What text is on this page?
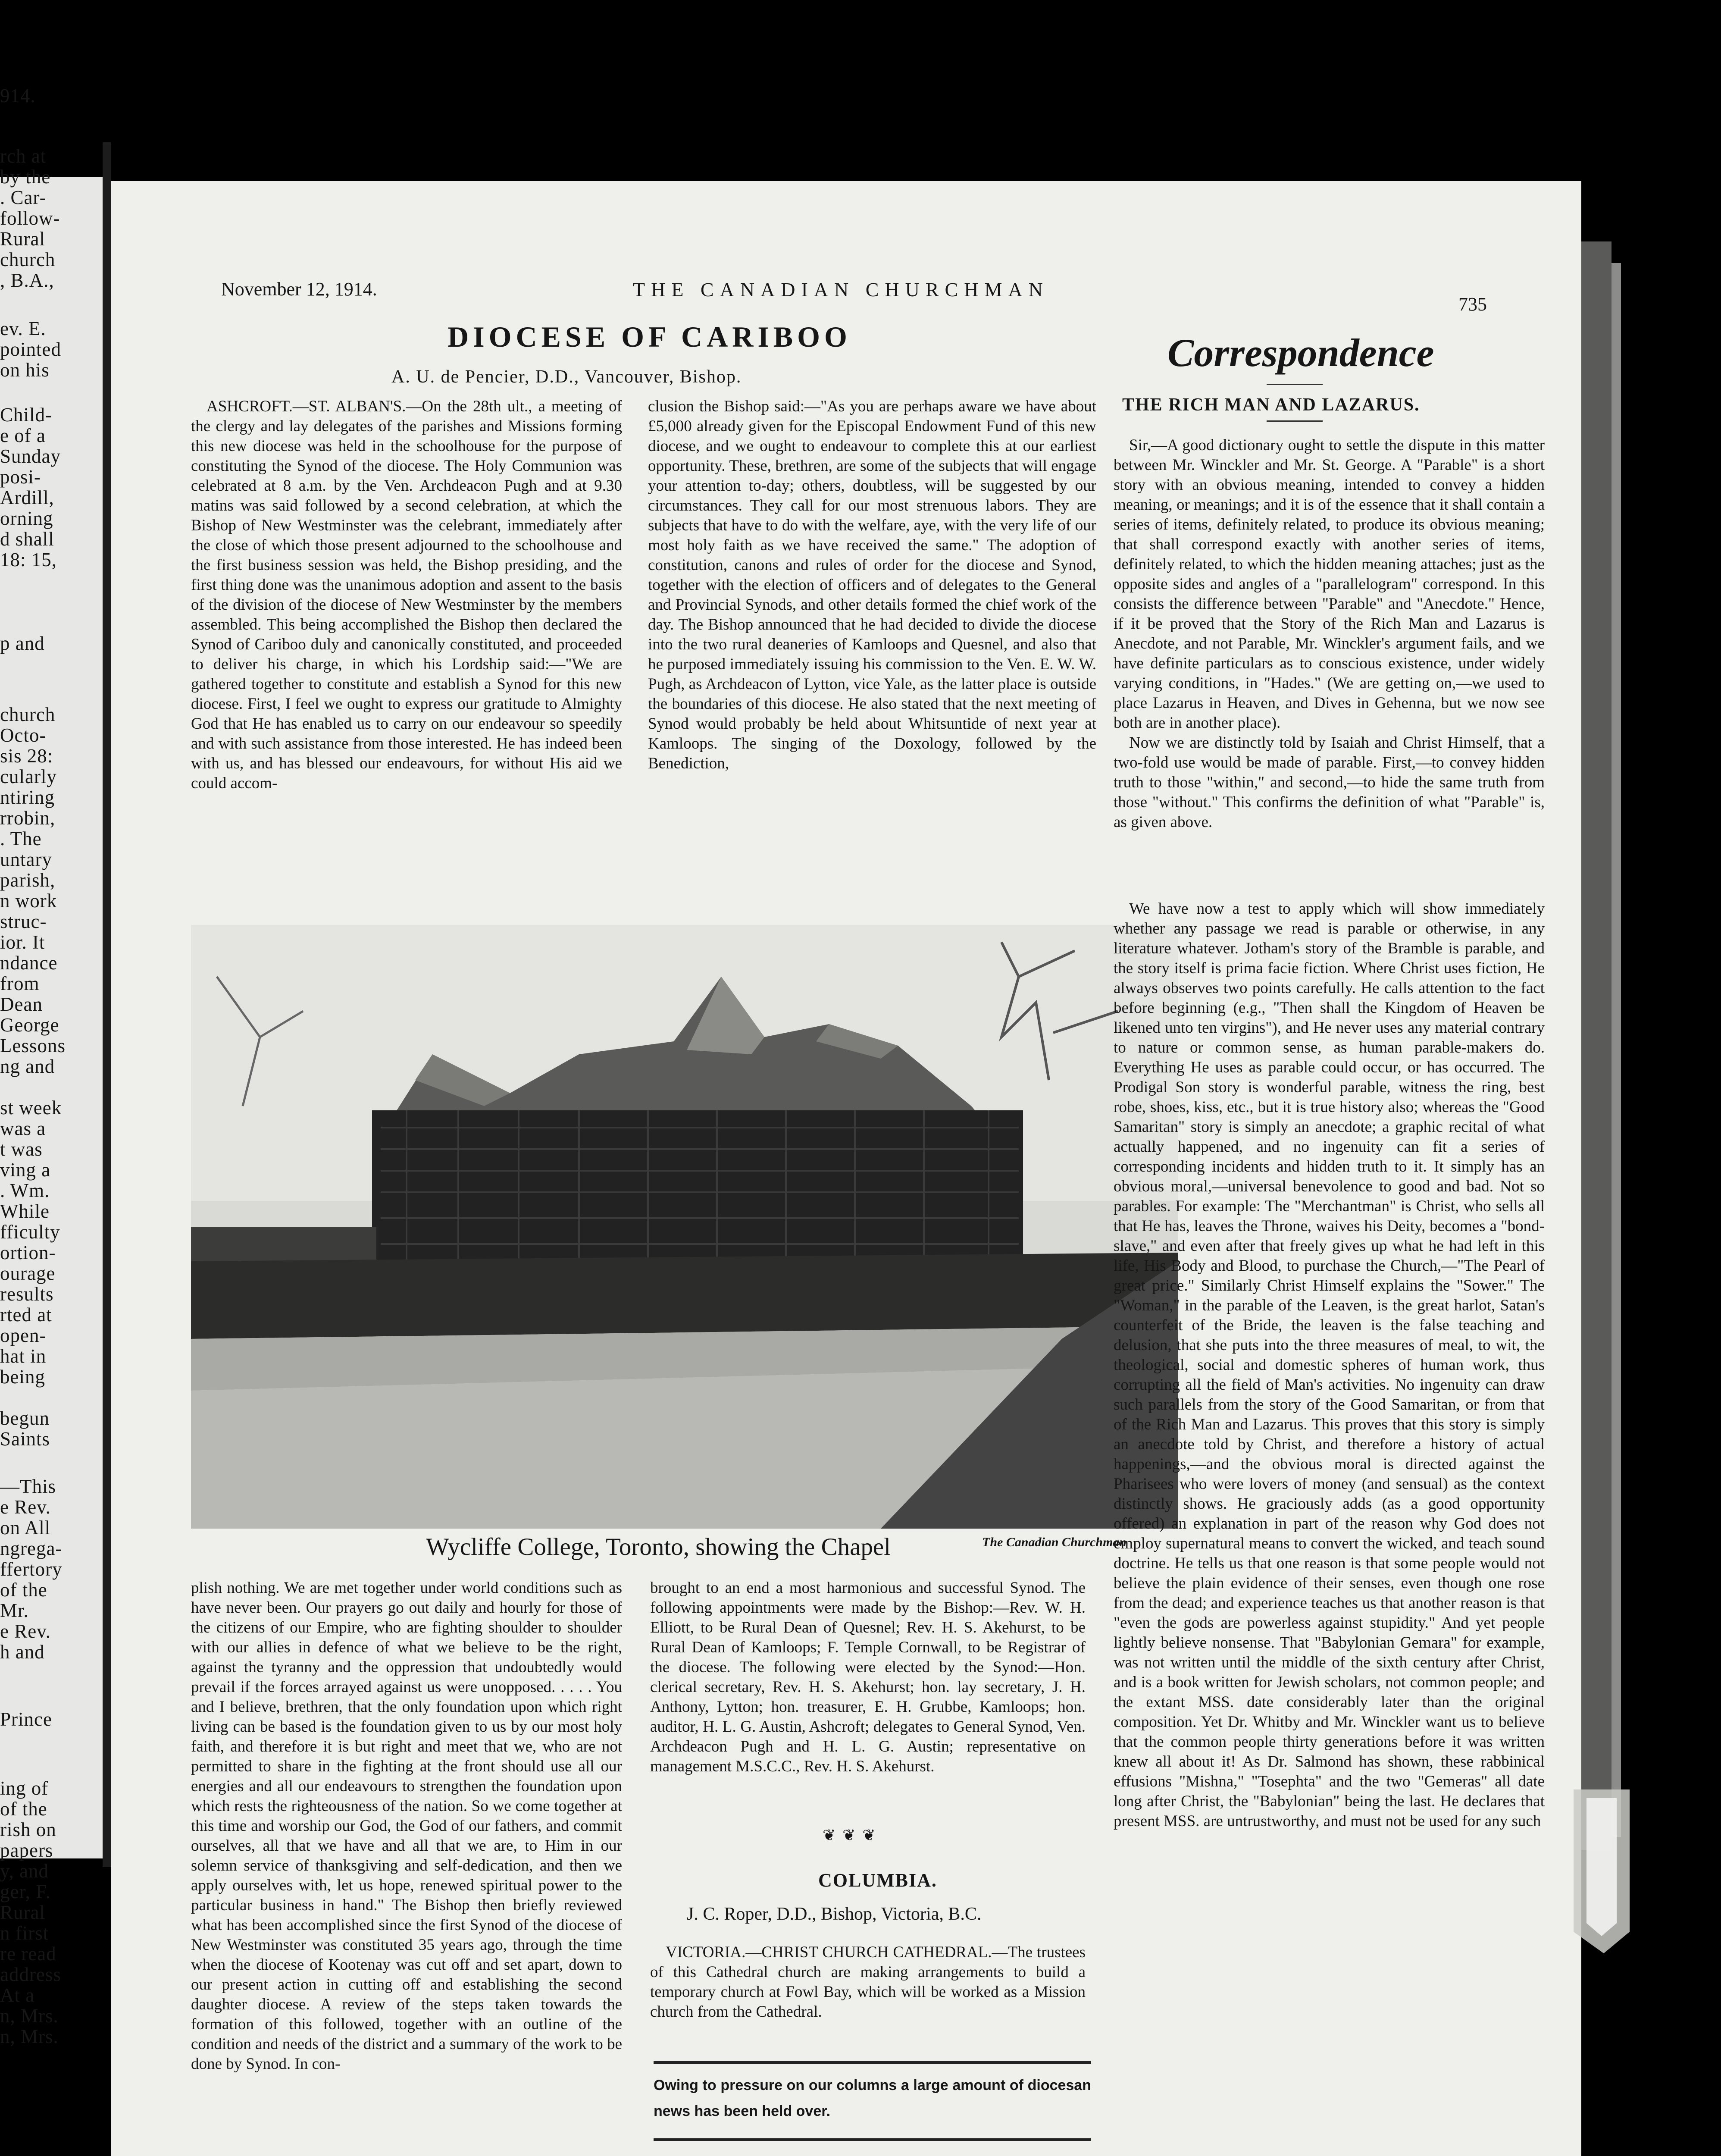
914.
rch at
by the
. Car-
follow-
Rural
church
, B.A.,
ev. E.
pointed
on his
Child-
e of a
Sunday
posi-
Ardill,
orning
d shall
18: 15,
p and
church
Octo-
sis 28:
cularly
ntiring
rrobin,
. The
untary
parish,
n work
struc-
ior. It
ndance
from
Dean
George
Lessons
ng and
st week
was a
t was
ving a
. Wm.
While
fficulty
ortion-
ourage
results
rted at
open-
hat in
being
begun
Saints
—This
e Rev.
on All
ngrega-
ffertory
of the
Mr.
e Rev.
h and
Prince
ing of
of the
rish on
papers
y, and
ger, F.
Rural
n first
re read
address
At a
n, Mrs.
n, Mrs.
November 12, 1914.	THE CANADIAN CHURCHMAN
735
DIOCESE OF CARIBOO
A. U. de Pencier, D.D., Vancouver, Bishop.

ASHCROFT.—ST. ALBAN'S.—On the 28th ult., a meeting of the clergy and lay delegates of the parishes and Missions forming this new diocese was held in the schoolhouse for the purpose of constituting the Synod of the diocese. The Holy Communion was celebrated at 8 a.m. by the Ven. Archdeacon Pugh and at 9.30 matins was said followed by a second celebration, at which the Bishop of New Westminster was the celebrant, immediately after the close of which those present adjourned to the schoolhouse and the first business session was held, the Bishop presiding, and the first thing done was the unanimous adoption and assent to the basis of the division of the diocese of New Westminster by the members assembled. This being accomplished the Bishop then declared the Synod of Cariboo duly and canonically constituted, and proceeded to deliver his charge, in which his Lordship said:—"We are gathered together to constitute and establish a Synod for this new diocese. First, I feel we ought to express our gratitude to Almighty God that He has enabled us to carry on our endeavour so speedily and with such assistance from those interested. He has indeed been with us, and has blessed our endeavours, for without His aid we could accom-

clusion the Bishop said:—"As you are perhaps aware we have about £5,000 already given for the Episcopal Endowment Fund of this new diocese, and we ought to endeavour to complete this at our earliest opportunity. These, brethren, are some of the subjects that will engage your attention to-day; others, doubtless, will be suggested by our circumstances. They call for our most strenuous labors. They are subjects that have to do with the welfare, aye, with the very life of our most holy faith as we have received the same." The adoption of constitution, canons and rules of order for the diocese and Synod, together with the election of officers and of delegates to the General and Provincial Synods, and other details formed the chief work of the day. The Bishop announced that he had decided to divide the diocese into the two rural deaneries of Kamloops and Quesnel, and also that he purposed immediately issuing his commission to the Ven. E. W. W. Pugh, as Archdeacon of Lytton, vice Yale, as the latter place is outside the boundaries of this diocese. He also stated that the next meeting of Synod would probably be held about Whitsuntide of next year at Kamloops. The singing of the Doxology, followed by the Benediction,

Correspondence
THE RICH MAN AND LAZARUS.

Sir,—A good dictionary ought to settle the dispute in this matter between Mr. Winckler and Mr. St. George. A "Parable" is a short story with an obvious meaning, intended to convey a hidden meaning, or meanings; and it is of the essence that it shall contain a series of items, definitely related, to produce its obvious meaning; that shall correspond exactly with another series of items, definitely related, to which the hidden meaning attaches; just as the opposite sides and angles of a "parallelogram" correspond. In this consists the difference between "Parable" and "Anecdote." Hence, if it be proved that the Story of the Rich Man and Lazarus is Anecdote, and not Parable, Mr. Winckler's argument fails, and we have definite particulars as to conscious existence, under widely varying conditions, in "Hades." (We are getting on,—we used to place Lazarus in Heaven, and Dives in Gehenna, but we now see both are in another place).

Now we are distinctly told by Isaiah and Christ Himself, that a two-fold use would be made of parable. First,—to convey hidden truth to those "within," and second,—to hide the same truth from those "without." This confirms the definition of what "Parable" is, as given above.

Wycliffe College, Toronto, showing the Chapel	The Canadian Churchman

plish nothing. We are met together under world conditions such as have never been. Our prayers go out daily and hourly for those of the citizens of our Empire, who are fighting shoulder to shoulder with our allies in defence of what we believe to be the right, against the tyranny and the oppression that undoubtedly would prevail if the forces arrayed against us were unopposed. . . . . You and I believe, brethren, that the only foundation upon which right living can be based is the foundation given to us by our most holy faith, and therefore it is but right and meet that we, who are not permitted to share in the fighting at the front should use all our energies and all our endeavours to strengthen the foundation upon which rests the righteousness of the nation. So we come together at this time and worship our God, the God of our fathers, and commit ourselves, all that we have and all that we are, to Him in our solemn service of thanksgiving and self-dedication, and then we apply ourselves with, let us hope, renewed spiritual power to the particular business in hand." The Bishop then briefly reviewed what has been accomplished since the first Synod of the diocese of New Westminster was constituted 35 years ago, through the time when the diocese of Kootenay was cut off and set apart, down to our present action in cutting off and establishing the second daughter diocese. A review of the steps taken towards the formation of this followed, together with an outline of the condition and needs of the district and a summary of the work to be done by Synod. In con-

brought to an end a most harmonious and successful Synod. The following appointments were made by the Bishop:—Rev. W. H. Elliott, to be Rural Dean of Quesnel; Rev. H. S. Akehurst, to be Rural Dean of Kamloops; F. Temple Cornwall, to be Registrar of the diocese. The following were elected by the Synod:—Hon. clerical secretary, Rev. H. S. Akehurst; hon. lay secretary, J. H. Anthony, Lytton; hon. treasurer, E. H. Grubbe, Kamloops; hon. auditor, H. L. G. Austin, Ashcroft; delegates to General Synod, Ven. Archdeacon Pugh and H. L. G. Austin; representative on management M.S.C.C., Rev. H. S. Akehurst.

❦❦❦
COLUMBIA.
J. C. Roper, D.D., Bishop, Victoria, B.C.

VICTORIA.—CHRIST CHURCH CATHEDRAL.—The trustees of this Cathedral church are making arrangements to build a temporary church at Fowl Bay, which will be worked as a Mission church from the Cathedral.

Owing to pressure on our columns a large amount of diocesan news has been held over.

We have now a test to apply which will show immediately whether any passage we read is parable or otherwise, in any literature whatever. Jotham's story of the Bramble is parable, and the story itself is prima facie fiction. Where Christ uses fiction, He always observes two points carefully. He calls attention to the fact before beginning (e.g., "Then shall the Kingdom of Heaven be likened unto ten virgins"), and He never uses any material contrary to nature or common sense, as human parable-makers do. Everything He uses as parable could occur, or has occurred. The Prodigal Son story is wonderful parable, witness the ring, best robe, shoes, kiss, etc., but it is true history also; whereas the "Good Samaritan" story is simply an anecdote; a graphic recital of what actually happened, and no ingenuity can fit a series of corresponding incidents and hidden truth to it. It simply has an obvious moral,—universal benevolence to good and bad. Not so parables. For example: The "Merchantman" is Christ, who sells all that He has, leaves the Throne, waives his Deity, becomes a "bond-slave," and even after that freely gives up what he had left in this life, His Body and Blood, to purchase the Church,—"The Pearl of great price." Similarly Christ Himself explains the "Sower." The "Woman," in the parable of the Leaven, is the great harlot, Satan's counterfeit of the Bride, the leaven is the false teaching and delusion, that she puts into the three measures of meal, to wit, the theological, social and domestic spheres of human work, thus corrupting all the field of Man's activities. No ingenuity can draw such parallels from the story of the Good Samaritan, or from that of the Rich Man and Lazarus. This proves that this story is simply an anecdote told by Christ, and therefore a history of actual happenings,—and the obvious moral is directed against the Pharisees who were lovers of money (and sensual) as the context distinctly shows. He graciously adds (as a good opportunity offered) an explanation in part of the reason why God does not employ supernatural means to convert the wicked, and teach sound doctrine. He tells us that one reason is that some people would not believe the plain evidence of their senses, even though one rose from the dead; and experience teaches us that another reason is that "even the gods are powerless against stupidity." And yet people lightly believe nonsense. That "Babylonian Gemara" for example, was not written until the middle of the sixth century after Christ, and is a book written for Jewish scholars, not common people; and the extant MSS. date considerably later than the original composition. Yet Dr. Whitby and Mr. Winckler want us to believe that the common people thirty generations before it was written knew all about it! As Dr. Salmond has shown, these rabbinical effusions "Mishna," "Tosephta" and the two "Gemeras" all date long after Christ, the "Babylonian" being the last. He declares that present MSS. are untrustworthy, and must not be used for any such
